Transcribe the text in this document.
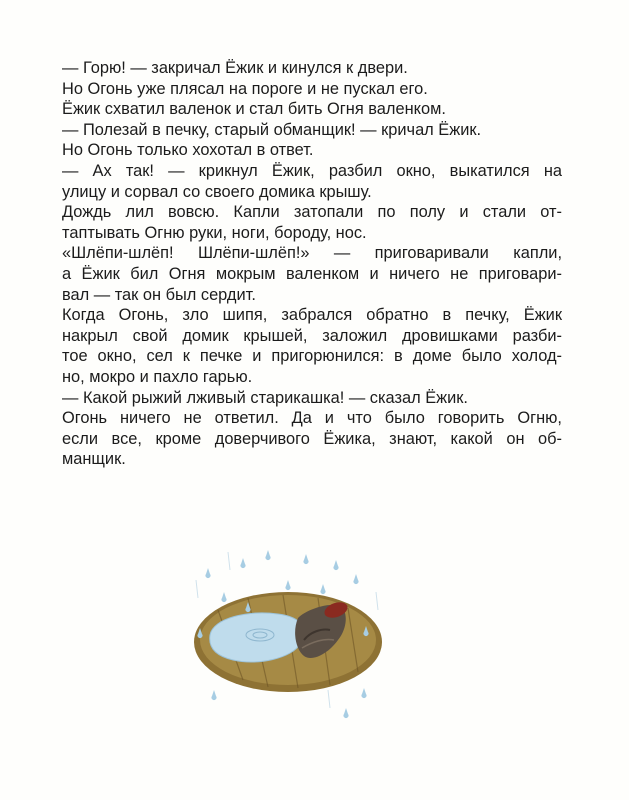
— Горю! — закричал Ёжик и кинулся к двери.

Но Огонь уже плясал на пороге и не пускал его.

Ёжик схватил валенок и стал бить Огня валенком.

— Полезай в печку, старый обманщик! — кричал Ёжик.

Но Огонь только хохотал в ответ.

— Ах так! — крикнул Ёжик, разбил окно, выкатился на
улицу и сорвал со своего домика крышу.

Дождь лил вовсю. Капли затопали по полу и стали от-
таптывать Огню руки, ноги, бороду, нос.

«Шлёпи-шлёп! Шлёпи-шлёп!» — приговаривали капли,
а Ёжик бил Огня мокрым валенком и ничего не приговари-
вал — так он был сердит.

Когда Огонь, зло шипя, забрался обратно в печку, Ёжик
накрыл свой домик крышей, заложил дровишками разби-
тое окно, сел к печке и пригорюнился: в доме было холод-
но, мокро и пахло гарью.

— Какой рыжий лживый старикашка! — сказал Ёжик.

Огонь ничего не ответил. Да и что было говорить Огню,
если все, кроме доверчивого Ёжика, знают, какой он об-
манщик.
